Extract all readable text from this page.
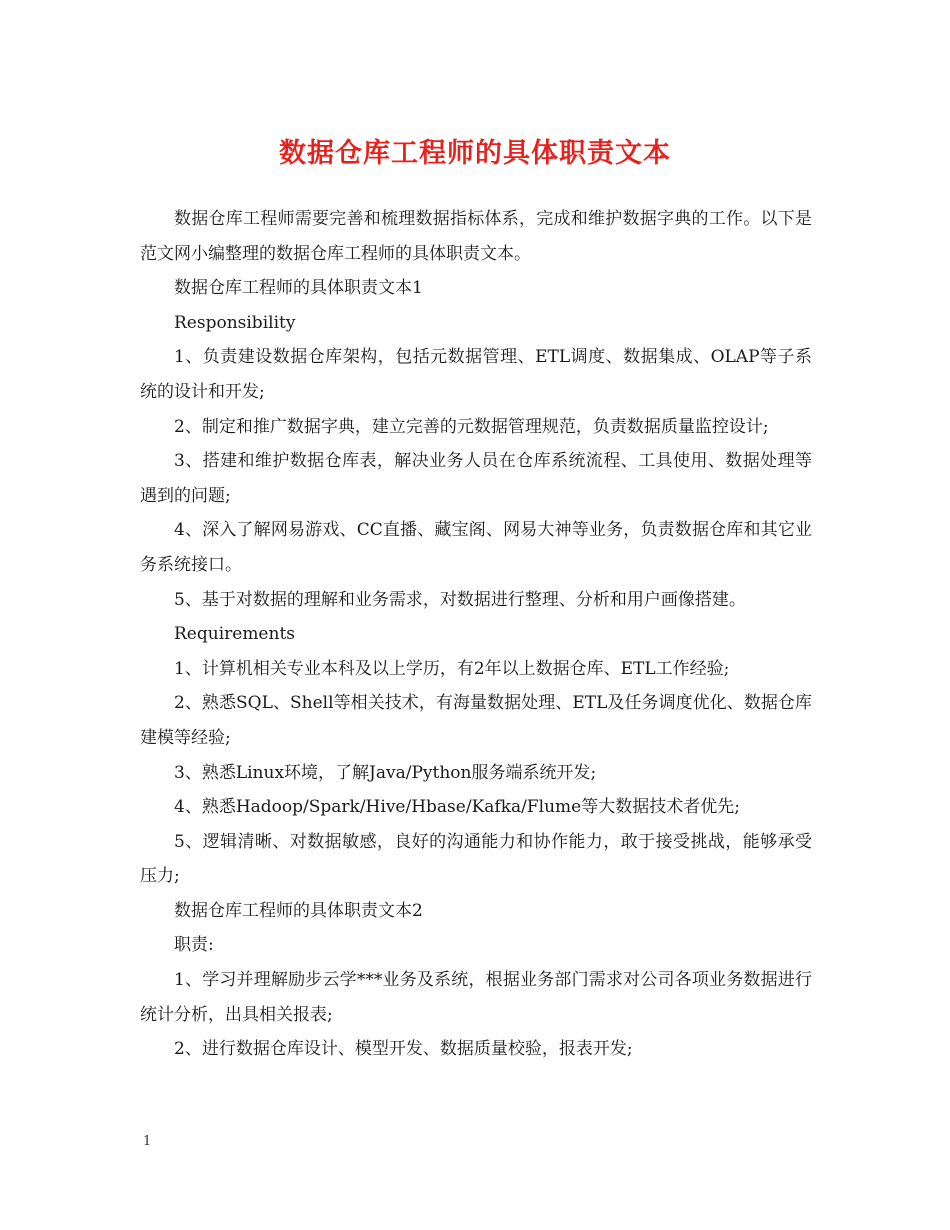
数据仓库工程师的具体职责文本

数据仓库工程师需要完善和梳理数据指标体系，完成和维护数据字典的工作。以下是范文网小编整理的数据仓库工程师的具体职责文本。

数据仓库工程师的具体职责文本1

Responsibility

1、负责建设数据仓库架构，包括元数据管理、ETL调度、数据集成、OLAP等子系统的设计和开发;

2、制定和推广数据字典，建立完善的元数据管理规范，负责数据质量监控设计;

3、搭建和维护数据仓库表，解决业务人员在仓库系统流程、工具使用、数据处理等遇到的问题;

4、深入了解网易游戏、CC直播、藏宝阁、网易大神等业务，负责数据仓库和其它业务系统接口。

5、基于对数据的理解和业务需求，对数据进行整理、分析和用户画像搭建。

Requirements

1、计算机相关专业本科及以上学历，有2年以上数据仓库、ETL工作经验;

2、熟悉SQL、Shell等相关技术，有海量数据处理、ETL及任务调度优化、数据仓库建模等经验;

3、熟悉Linux环境，了解Java/Python服务端系统开发;

4、熟悉Hadoop/Spark/Hive/Hbase/Kafka/Flume等大数据技术者优先;

5、逻辑清晰、对数据敏感，良好的沟通能力和协作能力，敢于接受挑战，能够承受压力;

数据仓库工程师的具体职责文本2

职责:

1、学习并理解励步云学***业务及系统，根据业务部门需求对公司各项业务数据进行统计分析，出具相关报表;

2、进行数据仓库设计、模型开发、数据质量校验，报表开发;

1
